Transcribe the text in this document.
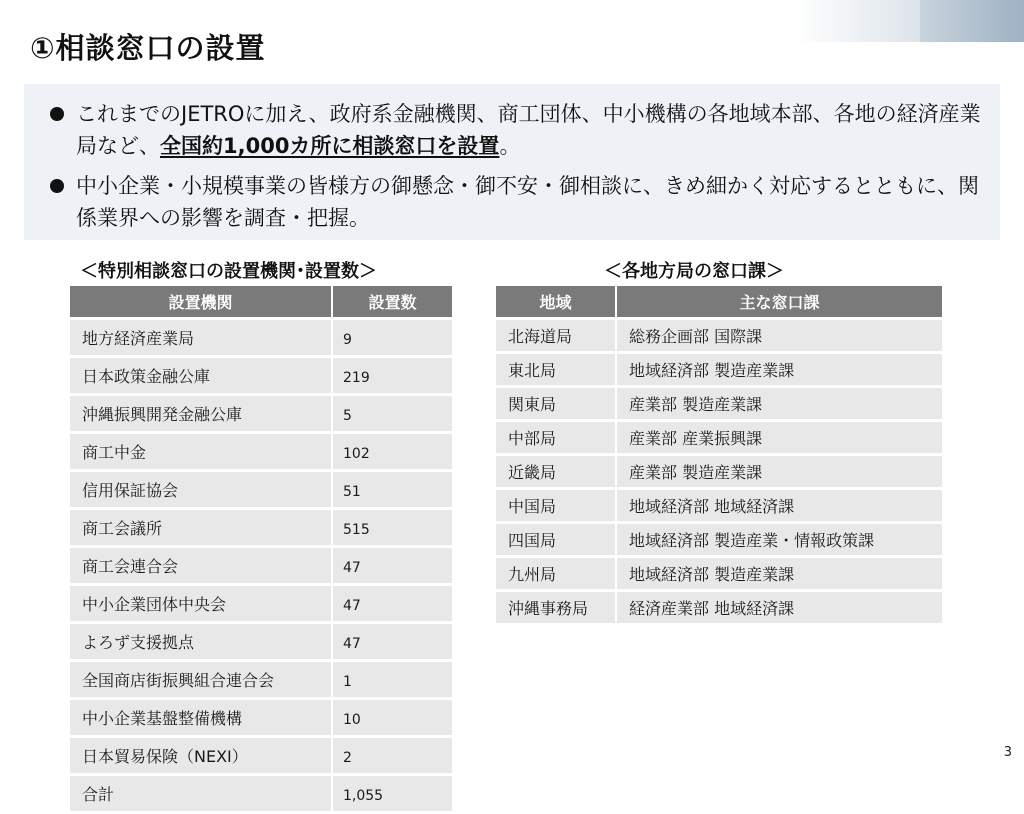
①相談窓口の設置
これまでのJETROに加え、政府系金融機関、商工団体、中小機構の各地域本部、各地の経済産業局など、全国約1,000カ所に相談窓口を設置。
中小企業・小規模事業の皆様方の御懸念・御不安・御相談に、きめ細かく対応するとともに、関係業界への影響を調査・把握。
＜特別相談窓口の設置機関･設置数＞	＜各地方局の窓口課＞
設置機関	設置数
地方経済産業局	9
日本政策金融公庫	219
沖縄振興開発金融公庫	5
商工中金	102
信用保証協会	51
商工会議所	515
商工会連合会	47
中小企業団体中央会	47
よろず支援拠点	47
全国商店街振興組合連合会	1
中小企業基盤整備機構	10
日本貿易保険（NEXI）	2
合計	1,055
地域	主な窓口課
北海道局	総務企画部 国際課
東北局	地域経済部 製造産業課
関東局	産業部 製造産業課
中部局	産業部 産業振興課
近畿局	産業部 製造産業課
中国局	地域経済部 地域経済課
四国局	地域経済部 製造産業・情報政策課
九州局	地域経済部 製造産業課
沖縄事務局	経済産業部 地域経済課
3
